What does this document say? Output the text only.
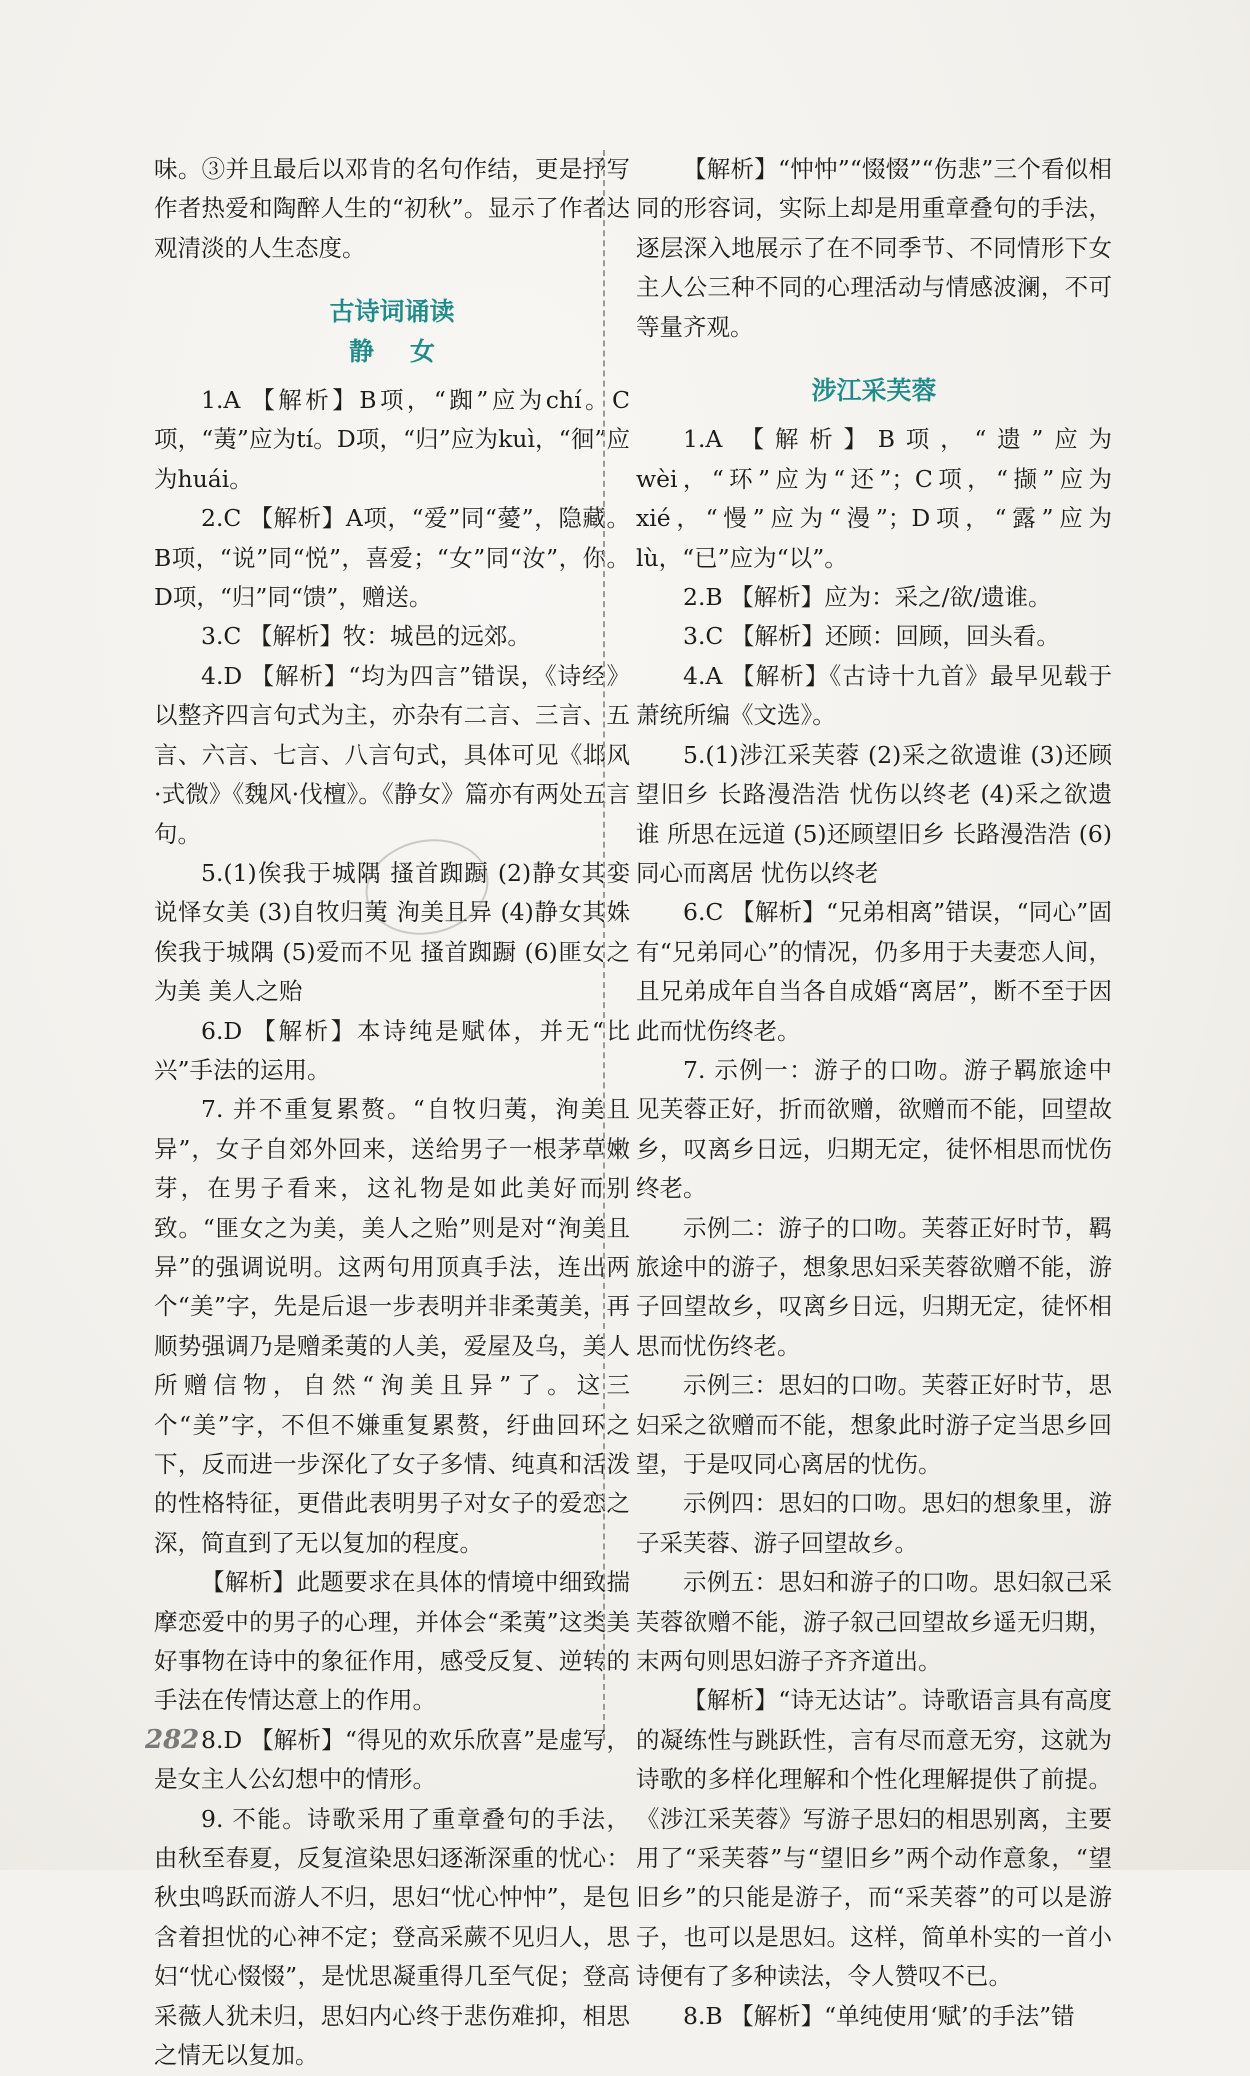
味。③并且最后以邓肯的名句作结，更是抒写作者热爱和陶醉人生的“初秋”。显示了作者达观清淡的人生态度。

古诗词诵读
静女

1.A 【解析】B项，“踟”应为chí。C项，“荑”应为tí。D项，“归”应为kuì，“徊”应为huái。

2.C 【解析】A项，“爱”同“薆”，隐藏。B项，“说”同“悦”，喜爱；“女”同“汝”，你。D项，“归”同“馈”，赠送。

3.C 【解析】牧：城邑的远郊。

4.D 【解析】“均为四言”错误，《诗经》以整齐四言句式为主，亦杂有二言、三言、五言、六言、七言、八言句式，具体可见《邶风·式微》《魏风·伐檀》。《静女》篇亦有两处五言句。

5.(1)俟我于城隅 搔首踟蹰 (2)静女其娈 说怿女美 (3)自牧归荑 洵美且异 (4)静女其姝 俟我于城隅 (5)爱而不见 搔首踟蹰 (6)匪女之为美 美人之贻

6.D 【解析】本诗纯是赋体，并无“比兴”手法的运用。

7. 并不重复累赘。“自牧归荑，洵美且异”，女子自郊外回来，送给男子一根茅草嫩芽，在男子看来，这礼物是如此美好而别致。“匪女之为美，美人之贻”则是对“洵美且异”的强调说明。这两句用顶真手法，连出两个“美”字，先是后退一步表明并非柔荑美，再顺势强调乃是赠柔荑的人美，爱屋及乌，美人所赠信物，自然“洵美且异”了。这三个“美”字，不但不嫌重复累赘，纡曲回环之下，反而进一步深化了女子多情、纯真和活泼的性格特征，更借此表明男子对女子的爱恋之深，简直到了无以复加的程度。

【解析】此题要求在具体的情境中细致揣摩恋爱中的男子的心理，并体会“柔荑”这类美好事物在诗中的象征作用，感受反复、逆转的手法在传情达意上的作用。

8.D 【解析】“得见的欢乐欣喜”是虚写，是女主人公幻想中的情形。

9. 不能。诗歌采用了重章叠句的手法，由秋至春夏，反复渲染思妇逐渐深重的忧心：秋虫鸣跃而游人不归，思妇“忧心忡忡”，是包含着担忧的心神不定；登高采蕨不见归人，思妇“忧心惙惙”，是忧思凝重得几至气促；登高采薇人犹未归，思妇内心终于悲伤难抑，相思之情无以复加。

【解析】“忡忡”“惙惙”“伤悲”三个看似相同的形容词，实际上却是用重章叠句的手法，逐层深入地展示了在不同季节、不同情形下女主人公三种不同的心理活动与情感波澜，不可等量齐观。

涉江采芙蓉

1.A 【解析】B项，“遗”应为wèi，“环”应为“还”；C项，“撷”应为xié，“慢”应为“漫”；D项，“露”应为lù，“已”应为“以”。

2.B 【解析】应为：采之/欲/遗谁。

3.C 【解析】还顾：回顾，回头看。

4.A 【解析】《古诗十九首》最早见载于萧统所编《文选》。

5.(1)涉江采芙蓉 (2)采之欲遗谁 (3)还顾望旧乡 长路漫浩浩 忧伤以终老 (4)采之欲遗谁 所思在远道 (5)还顾望旧乡 长路漫浩浩 (6)同心而离居 忧伤以终老

6.C 【解析】“兄弟相离”错误，“同心”固有“兄弟同心”的情况，仍多用于夫妻恋人间，且兄弟成年自当各自成婚“离居”，断不至于因此而忧伤终老。

7. 示例一：游子的口吻。游子羁旅途中见芙蓉正好，折而欲赠，欲赠而不能，回望故乡，叹离乡日远，归期无定，徒怀相思而忧伤终老。

示例二：游子的口吻。芙蓉正好时节，羁旅途中的游子，想象思妇采芙蓉欲赠不能，游子回望故乡，叹离乡日远，归期无定，徒怀相思而忧伤终老。

示例三：思妇的口吻。芙蓉正好时节，思妇采之欲赠而不能，想象此时游子定当思乡回望，于是叹同心离居的忧伤。

示例四：思妇的口吻。思妇的想象里，游子采芙蓉、游子回望故乡。

示例五：思妇和游子的口吻。思妇叙己采芙蓉欲赠不能，游子叙己回望故乡遥无归期，末两句则思妇游子齐齐道出。

【解析】“诗无达诂”。诗歌语言具有高度的凝练性与跳跃性，言有尽而意无穷，这就为诗歌的多样化理解和个性化理解提供了前提。《涉江采芙蓉》写游子思妇的相思别离，主要用了“采芙蓉”与“望旧乡”两个动作意象，“望旧乡”的只能是游子，而“采芙蓉”的可以是游子，也可以是思妇。这样，简单朴实的一首小诗便有了多种读法，令人赞叹不已。

8.B 【解析】“单纯使用‘赋’的手法”错

282
